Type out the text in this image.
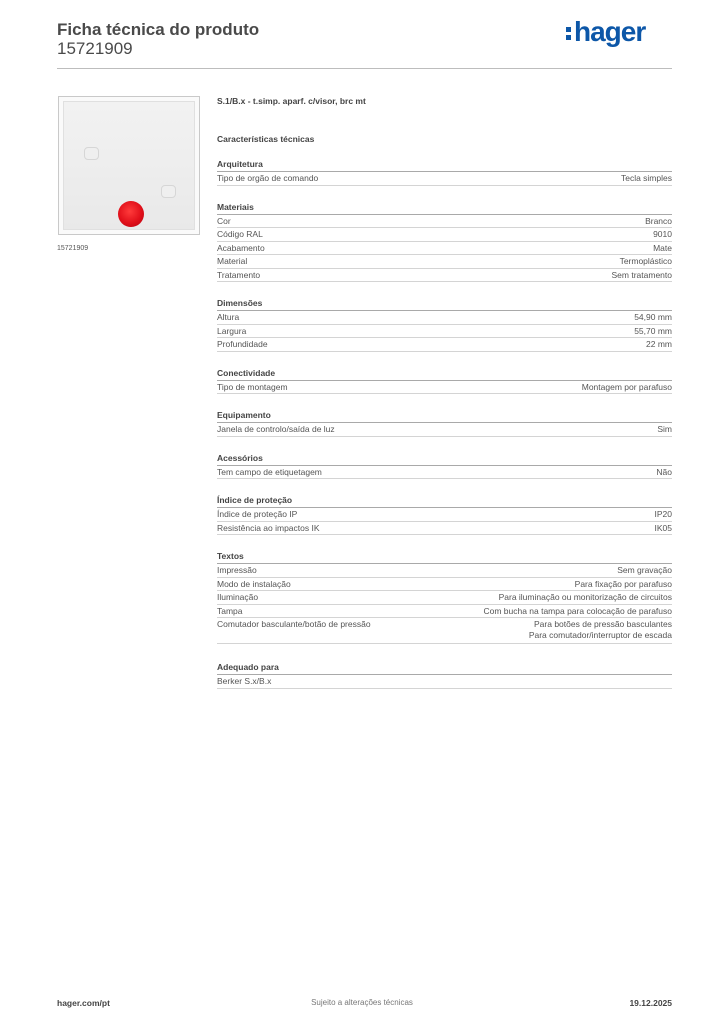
Ficha técnica do produto
15721909
hager
15721909
S.1/B.x - t.simp. aparf. c/visor, brc mt
Características técnicas
Arquitetura
Tipo de orgão de comando	Tecla simples
Materiais
Cor	Branco
Código RAL	9010
Acabamento	Mate
Material	Termoplástico
Tratamento	Sem tratamento
Dimensões
Altura	54,90 mm
Largura	55,70 mm
Profundidade	22 mm
Conectividade
Tipo de montagem	Montagem por parafuso
Equipamento
Janela de controlo/saída de luz	Sim
Acessórios
Tem campo de etiquetagem	Não
Índice de proteção
Índice de proteção IP	IP20
Resistência ao impactos IK	IK05
Textos
Impressão	Sem gravação
Modo de instalação	Para fixação por parafuso
Iluminação	Para iluminação ou monitorização de circuitos
Tampa	Com bucha na tampa para colocação de parafuso
Comutador basculante/botão de pressão	Para botões de pressão basculantes
Para comutador/interruptor de escada
Adequado para
Berker S.x/B.x
hager.com/pt	Sujeito a alterações técnicas	19.12.2025
